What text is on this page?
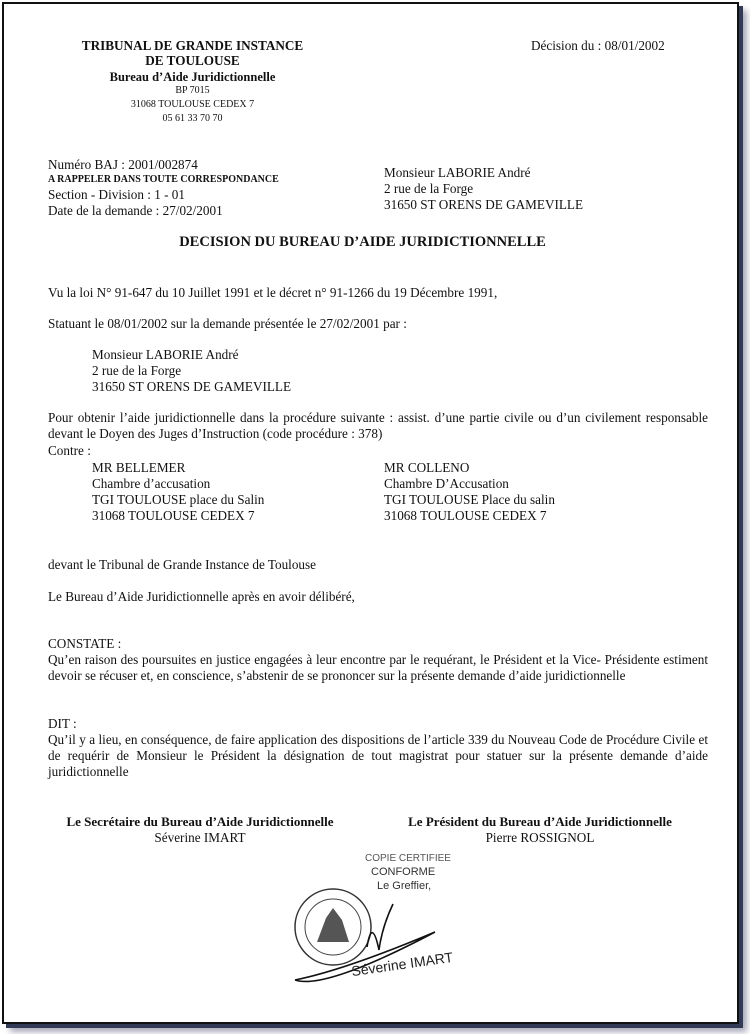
TRIBUNAL DE GRANDE INSTANCE
DE TOULOUSE
Bureau d’Aide Juridictionnelle
BP 7015
31068 TOULOUSE CEDEX 7
05 61 33 70 70
Décision du : 08/01/2002
Numéro BAJ : 2001/002874
A RAPPELER DANS TOUTE CORRESPONDANCE
Section - Division : 1 - 01
Date de la demande : 27/02/2001
Monsieur LABORIE André
2 rue de la Forge
31650 ST ORENS DE GAMEVILLE
DECISION DU BUREAU D’AIDE JURIDICTIONNELLE
Vu la loi N° 91-647 du 10 Juillet 1991 et le décret n° 91-1266 du 19 Décembre 1991,
Statuant le 08/01/2002 sur la demande présentée le 27/02/2001 par :
Monsieur LABORIE André
2 rue de la Forge
31650 ST ORENS DE GAMEVILLE
Pour obtenir l’aide juridictionnelle dans la procédure suivante : assist. d’une partie civile ou d’un civilement responsable devant le Doyen des Juges d’Instruction (code procédure : 378)
Contre :
MR BELLEMER
Chambre d’accusation
TGI TOULOUSE place du Salin
31068 TOULOUSE CEDEX 7
MR COLLENO
Chambre D’Accusation
TGI TOULOUSE Place du salin
31068 TOULOUSE CEDEX 7
devant le Tribunal de Grande Instance de Toulouse
Le Bureau d’Aide Juridictionnelle après en avoir délibéré,
CONSTATE :
Qu’en raison des poursuites en justice engagées à leur encontre par le requérant, le Président et la Vice- Présidente estiment devoir se récuser et, en conscience, s’abstenir de se prononcer sur la présente demande d’aide juridictionnelle
DIT :
Qu’il y a lieu, en conséquence, de faire application des dispositions de l’article 339 du Nouveau Code de Procédure Civile et de requérir de Monsieur le Président la désignation de tout magistrat pour statuer sur la présente demande d’aide juridictionnelle
Le Secrétaire du Bureau d’Aide Juridictionnelle
Séverine IMART
Le Président du Bureau d’Aide Juridictionnelle
Pierre ROSSIGNOL
COPIE CERTIFIEE
CONFORME
Le Greffier,
Séverine IMART
